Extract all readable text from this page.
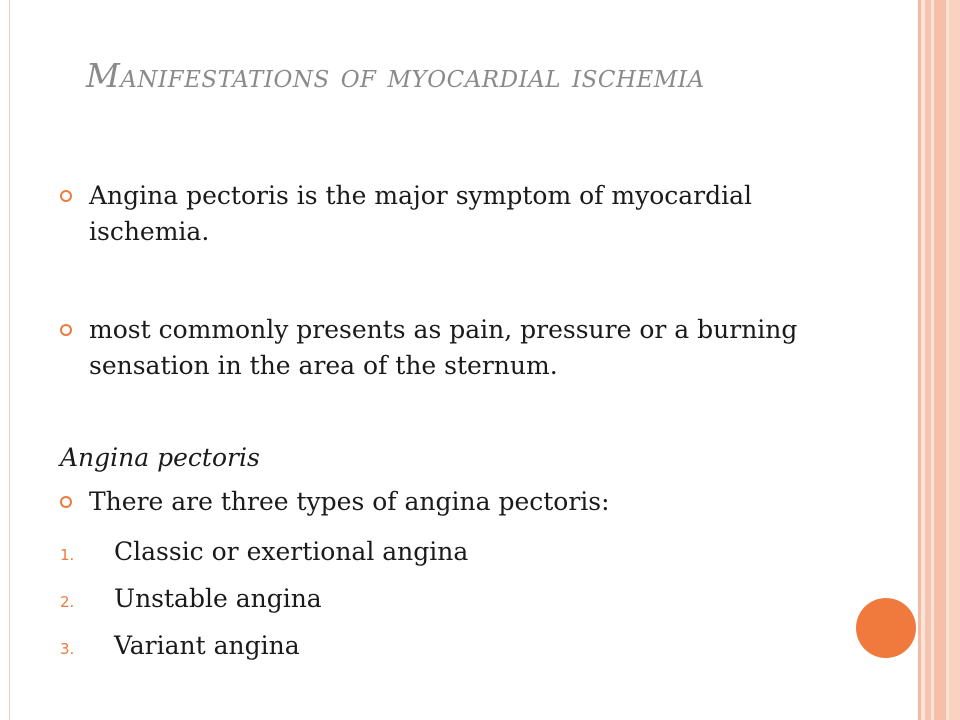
Manifestations of myocardial ischemia

Angina pectoris is the major symptom of myocardial ischemia.

most commonly presents as pain, pressure or a burning sensation in the area of the sternum.

Angina pectoris

There are three types of angina pectoris:

1. Classic or exertional angina
2. Unstable angina
3. Variant angina
